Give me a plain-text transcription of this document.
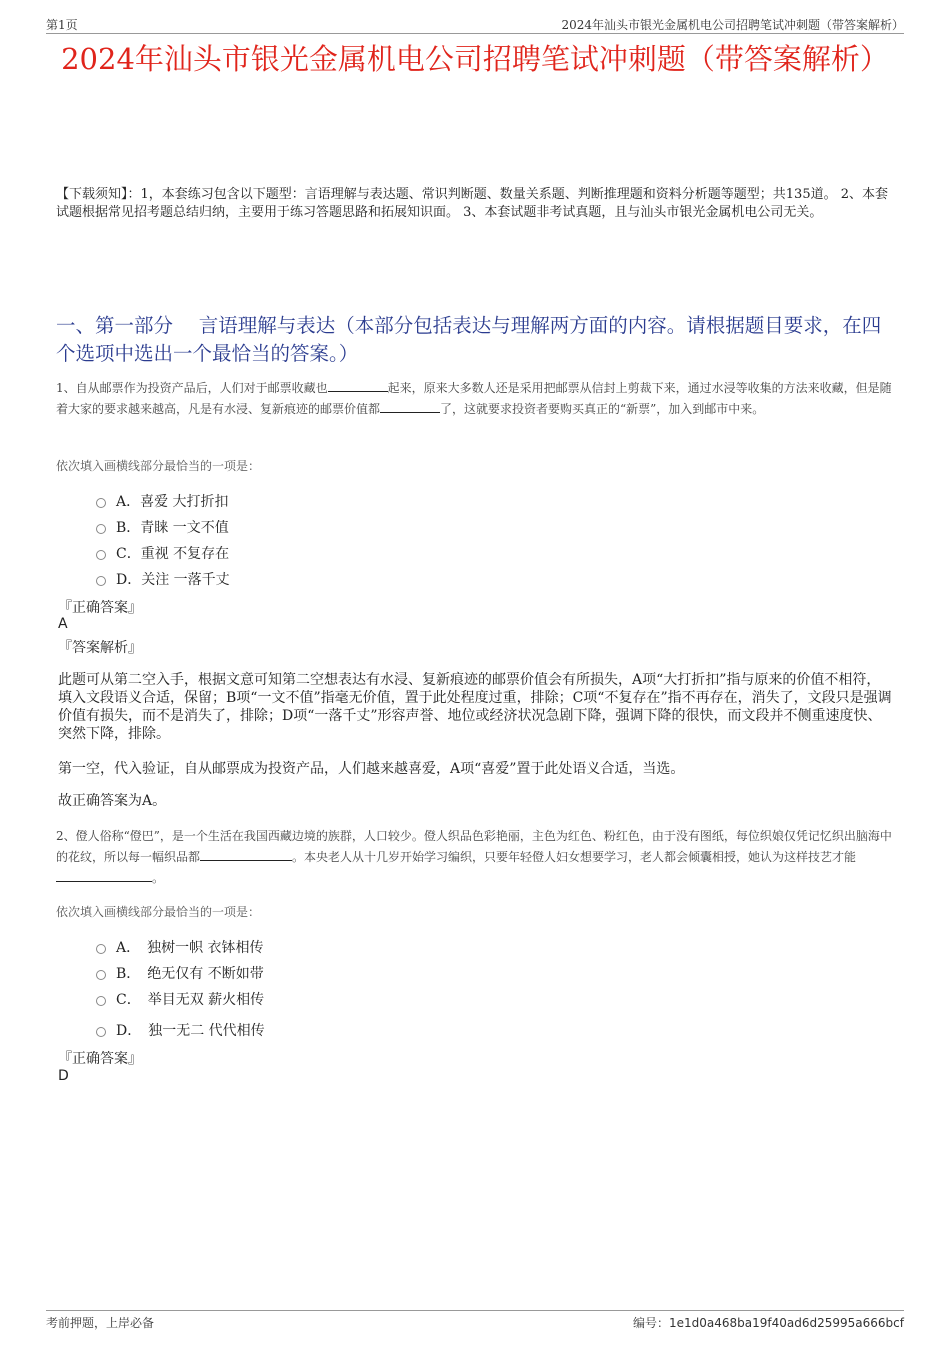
第1页	2024年汕头市银光金属机电公司招聘笔试冲刺题（带答案解析）
2024年汕头市银光金属机电公司招聘笔试冲刺题（带答案解析）
【下载须知】：1，本套练习包含以下题型：言语理解与表达题、常识判断题、数量关系题、判断推理题和资料分析题等题型；共135道。 2、本套试题根据常见招考题总结归纳，主要用于练习答题思路和拓展知识面。 3、本套试题非考试真题，且与汕头市银光金属机电公司无关。
一、第一部分　 言语理解与表达（本部分包括表达与理解两方面的内容。请根据题目要求，在四个选项中选出一个最恰当的答案。）
1、自从邮票作为投资产品后，人们对于邮票收藏也	起来，原来大多数人还是采用把邮票从信封上剪裁下来，通过水浸等收集的方法来收藏，但是随着大家的要求越来越高，凡是有水浸、复新痕迹的邮票价值都	了，这就要求投资者要购买真正的“新票”，加入到邮市中来。
依次填入画横线部分最恰当的一项是：
A．喜爱 大打折扣
B．青睐 一文不值
C．重视 不复存在
D．关注 一落千丈
『正确答案』
A
『答案解析』
此题可从第二空入手，根据文意可知第二空想表达有水浸、复新痕迹的邮票价值会有所损失，A项“大打折扣”指与原来的价值不相符，填入文段语义合适，保留；B项“一文不值”指毫无价值，置于此处程度过重，排除；C项“不复存在”指不再存在，消失了，文段只是强调价值有损失，而不是消失了，排除；D项“一落千丈”形容声誉、地位或经济状况急剧下降，强调下降的很快，而文段并不侧重速度快、突然下降，排除。
第一空，代入验证，自从邮票成为投资产品，人们越来越喜爱，A项“喜爱”置于此处语义合适，当选。
故正确答案为A。
2、僜人俗称“僜巴”，是一个生活在我国西藏边境的族群，人口较少。僜人织品色彩艳丽，主色为红色、粉红色，由于没有图纸，每位织娘仅凭记忆织出脑海中的花纹，所以每一幅织品都	。本央老人从十几岁开始学习编织，只要年轻僜人妇女想要学习，老人都会倾囊相授，她认为这样技艺才能。
依次填入画横线部分最恰当的一项是：
A．　独树一帜 衣钵相传
B．　绝无仅有 不断如带
C．　举目无双 薪火相传
D．　独一无二 代代相传
『正确答案』
D
考前押题，上岸必备	编号：1e1d0a468ba19f40ad6d25995a666bcf
